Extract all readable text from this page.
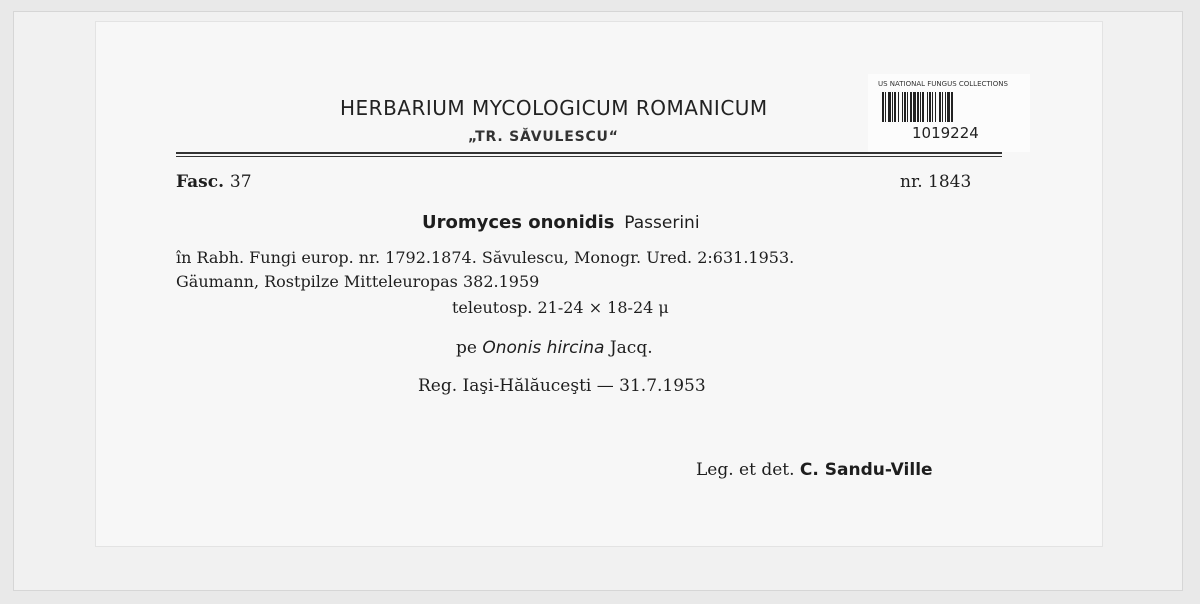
HERBARIUM MYCOLOGICUM ROMANICUM
„TR. SĂVULESCU“
US NATIONAL FUNGUS COLLECTIONS
1019224
Fasc. 37	nr. 1843
Uromyces ononidis Passerini
în Rabh. Fungi europ. nr. 1792.1874. Săvulescu, Monogr. Ured. 2:631.1953.
Gäumann, Rostpilze Mitteleuropas 382.1959
teleutosp. 21-24 × 18-24 μ
pe Ononis hircina Jacq.
Reg. Iaşi-Hălăuceşti — 31.7.1953
Leg. et det. C. Sandu-Ville
